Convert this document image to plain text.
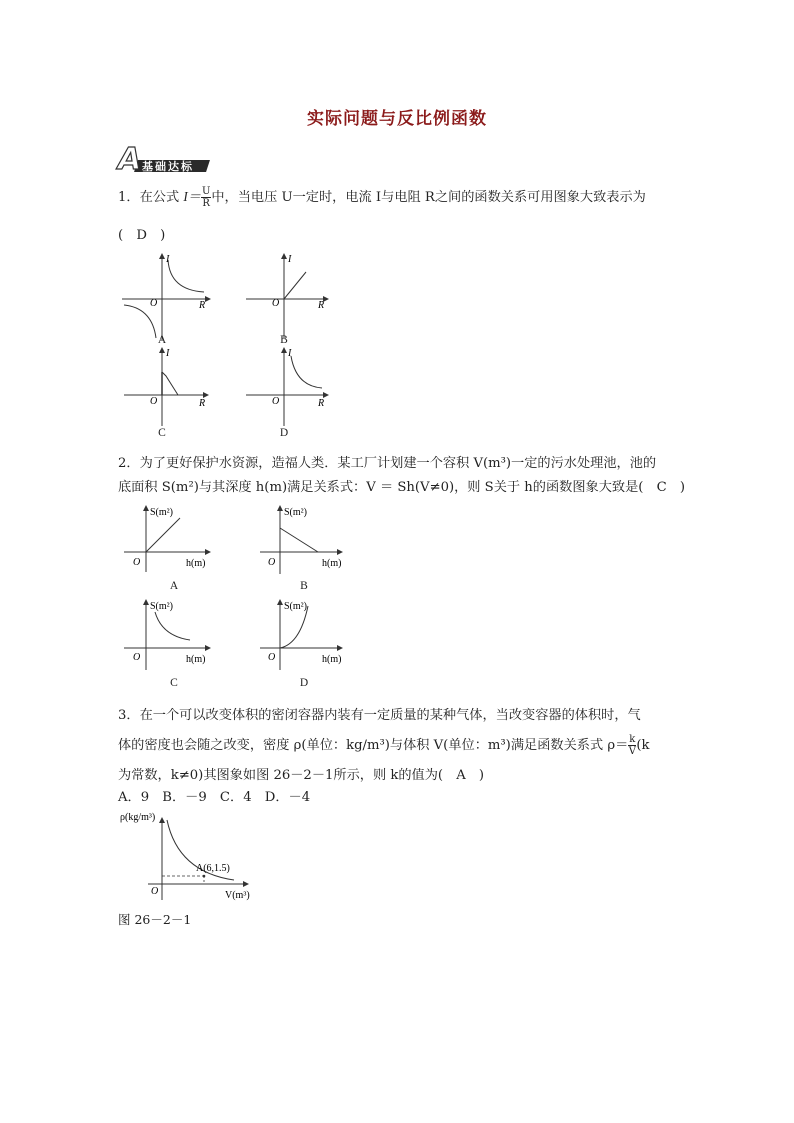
实际问题与反比例函数
A 基础达标
1．在公式 $I= \frac{U}{R}$ 中，当电压 U一定时，电流 I与电阻 R之间的函数关系可用图象大致表示为
(　D　)
O
I
R	O
I
R
O
I
R	O
I
R
O
S(m²)
h(m)	O
S(m²)
h(m)
O
S(m²)
h(m)	O
S(m²)
h(m)
ρ(kg/m³)
O
A(6,1.5)
V(m³)
A	B
C	D
2．为了更好保护水资源，造福人类．某工厂计划建一个容积 V(m³)一定的污水处理池，池的
底面积 S(m²)与其深度 h(m)满足关系式：V ＝ Sh(V≠0)，则 S关于 h的函数图象大致是(　C　)
A	B
C	D
3．在一个可以改变体积的密闭容器内装有一定质量的某种气体，当改变容器的体积时，气
体的密度也会随之改变，密度 ρ(单位：kg/m³)与体积 V(单位：m³)满足函数关系式 $\rho= \frac{k}{V} (k$
为常数，k≠0)其图象如图 26－2－1所示，则 k的值为(　A　)
A．9　B．－9　C．4　D．－4
图 26－2－1
